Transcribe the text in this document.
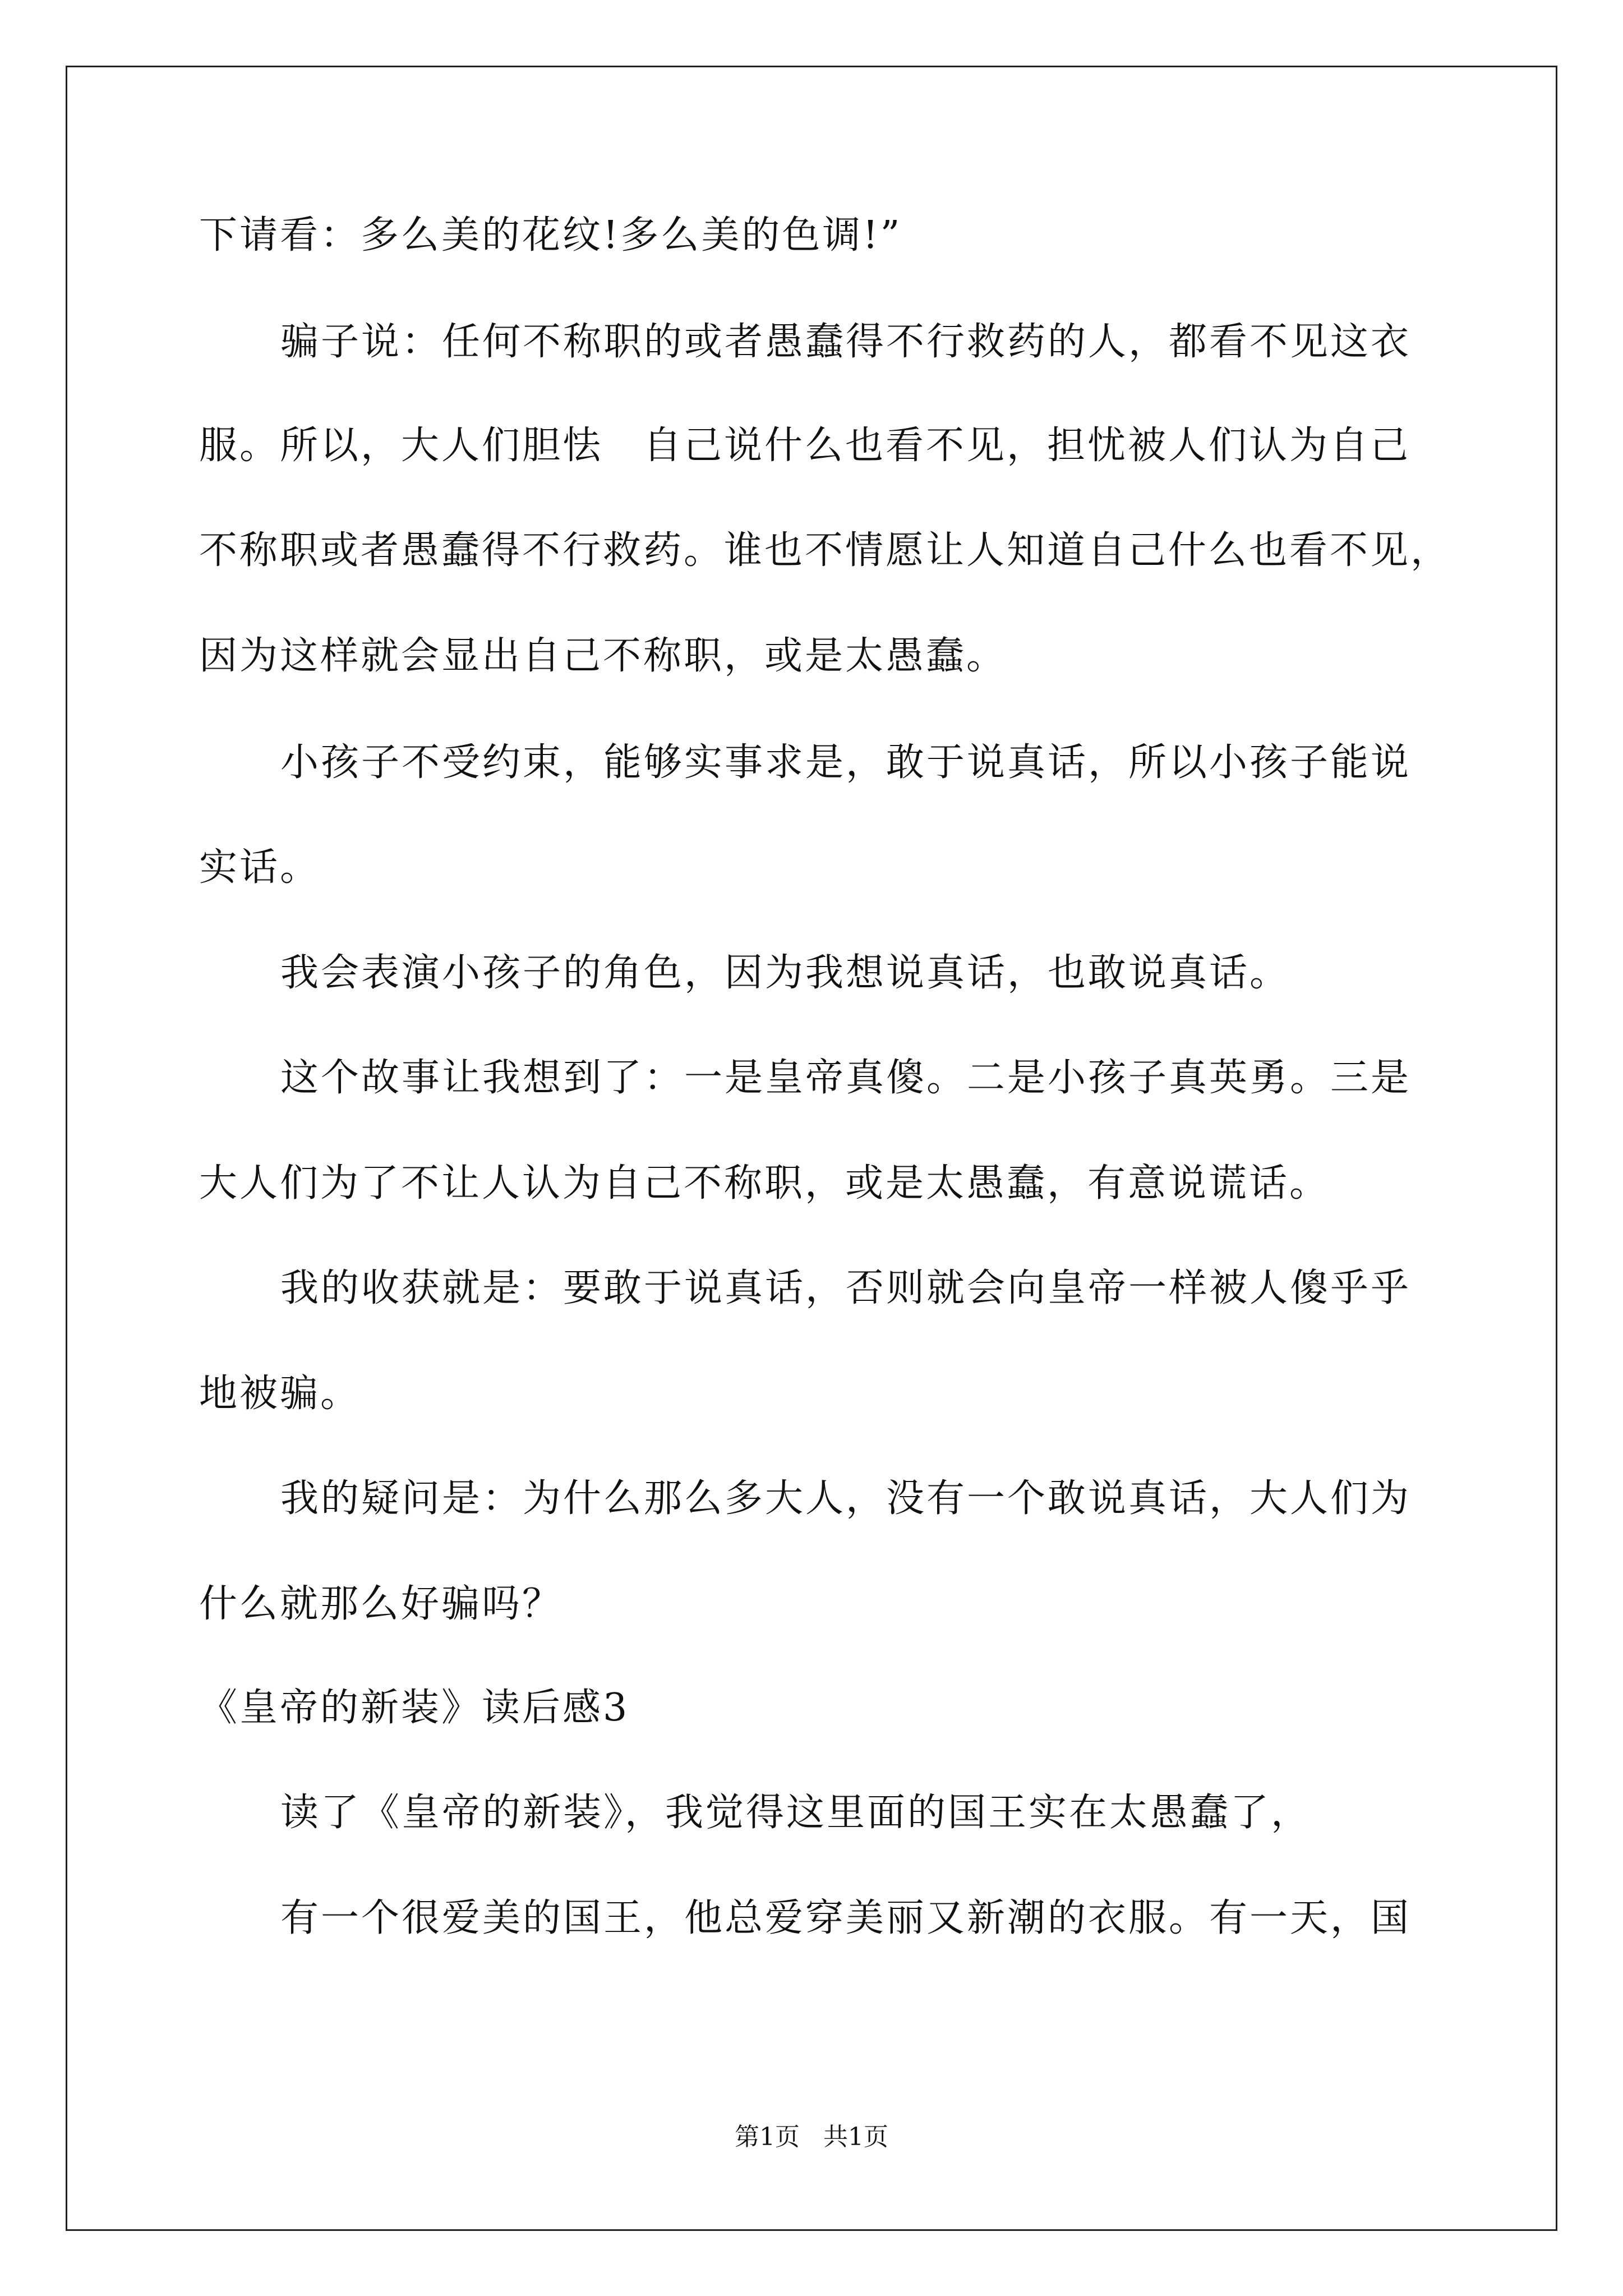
下请看：多么美的花纹!多么美的色调!”
骗子说：任何不称职的或者愚蠢得不行救药的人，都看不见这衣
服。所以，大人们胆怯　自己说什么也看不见，担忧被人们认为自己
不称职或者愚蠢得不行救药。谁也不情愿让人知道自己什么也看不见，
因为这样就会显出自己不称职，或是太愚蠢。
小孩子不受约束，能够实事求是，敢于说真话，所以小孩子能说
实话。
我会表演小孩子的角色，因为我想说真话，也敢说真话。
这个故事让我想到了：一是皇帝真傻。二是小孩子真英勇。三是
大人们为了不让人认为自己不称职，或是太愚蠢，有意说谎话。
我的收获就是：要敢于说真话，否则就会向皇帝一样被人傻乎乎
地被骗。
我的疑问是：为什么那么多大人，没有一个敢说真话，大人们为
什么就那么好骗吗？
《皇帝的新装》读后感3
读了《皇帝的新装》，我觉得这里面的国王实在太愚蠢了，
有一个很爱美的国王，他总爱穿美丽又新潮的衣服。有一天，国
第1页 共1页
